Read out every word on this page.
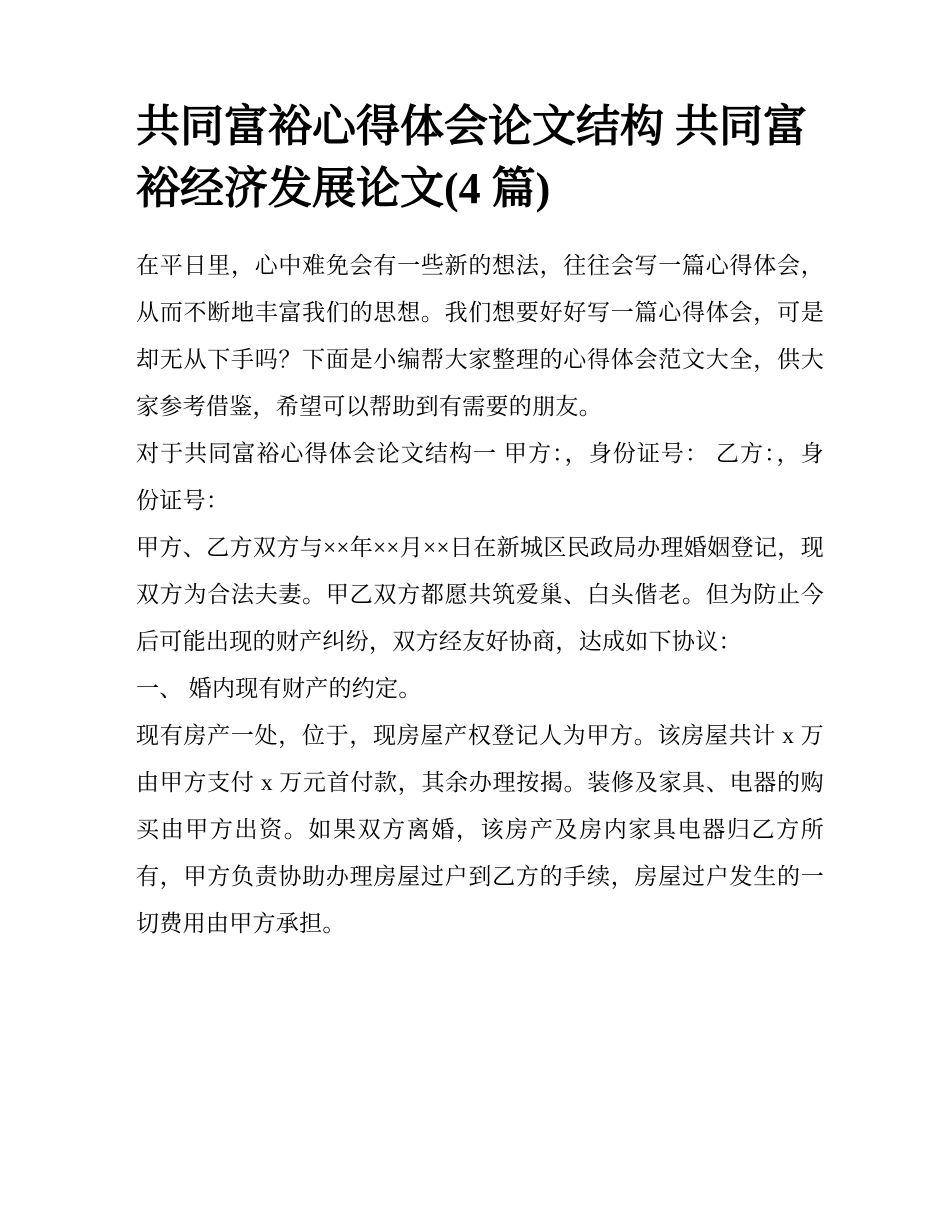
共同富裕心得体会论文结构 共同富裕经济发展论文(4 篇)

在平日里，心中难免会有一些新的想法，往往会写一篇心得体会，从而不断地丰富我们的思想。我们想要好好写一篇心得体会，可是却无从下手吗？下面是小编帮大家整理的心得体会范文大全，供大家参考借鉴，希望可以帮助到有需要的朋友。

对于共同富裕心得体会论文结构一 甲方：，身份证号： 乙方：，身份证号：

甲方、乙方双方与××年××月××日在新城区民政局办理婚姻登记，现双方为合法夫妻。甲乙双方都愿共筑爱巢、白头偕老。但为防止今后可能出现的财产纠纷，双方经友好协商，达成如下协议：

一、 婚内现有财产的约定。

现有房产一处，位于，现房屋产权登记人为甲方。该房屋共计 x 万由甲方支付 x 万元首付款，其余办理按揭。装修及家具、电器的购买由甲方出资。如果双方离婚，该房产及房内家具电器归乙方所有，甲方负责协助办理房屋过户到乙方的手续，房屋过户发生的一切费用由甲方承担。
